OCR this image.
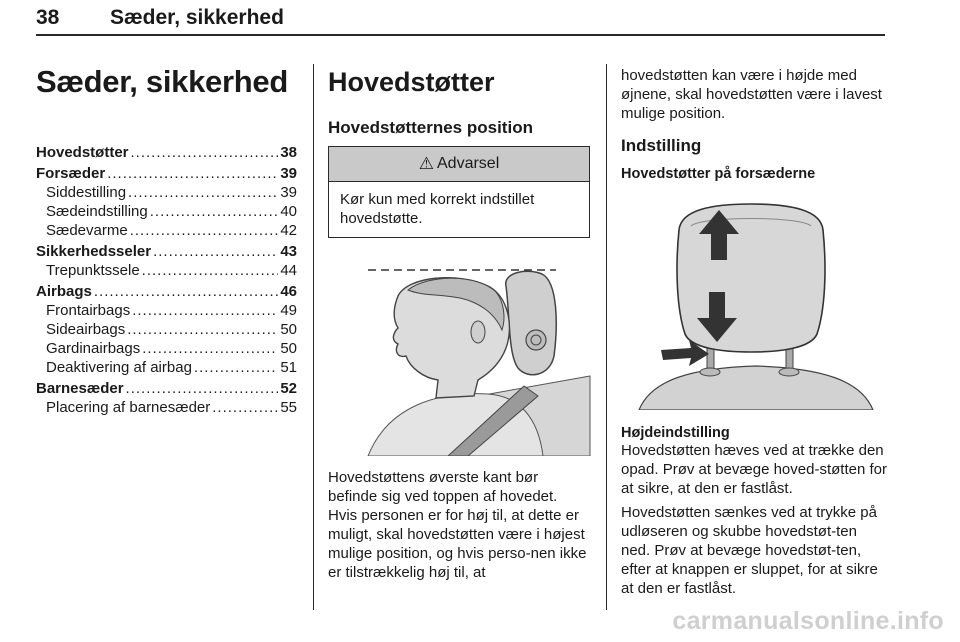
38 Sæder, sikkerhed
Sæder, sikkerhed
Hovedstøtter .....	38
Forsæder .....	39
Siddestilling .....	39
Sædeindstilling .....	40
Sædevarme .....	42
Sikkerhedsseler .....	43
Trepunktssele .....	44
Airbags .....	46
Frontairbags .....	49
Sideairbags .....	50
Gardinairbags .....	50
Deaktivering af airbag .....	51
Barnesæder .....	52
Placering af barnesæder .....	55
Hovedstøtter
Hovedstøtternes position
⚠ Advarsel
Kør kun med korrekt indstillet hovedstøtte.

Hovedstøttens øverste kant bør befinde sig ved toppen af hovedet. Hvis personen er for høj til, at dette er muligt, skal hovedstøtten være i højest mulige position, og hvis perso-nen ikke er tilstrækkelig høj til, at

hovedstøtten kan være i højde med øjnene, skal hovedstøtten være i lavest mulige position.

Indstilling
Hovedstøtter på forsæderne
Højdeindstilling

Hovedstøtten hæves ved at trække den opad. Prøv at bevæge hoved-støtten for at sikre, at den er fastlåst.

Hovedstøtten sænkes ved at trykke på udløseren og skubbe hovedstøt-ten ned. Prøv at bevæge hovedstøt-ten, efter at knappen er sluppet, for at sikre at den er fastlåst.

carmanualsonline.info
